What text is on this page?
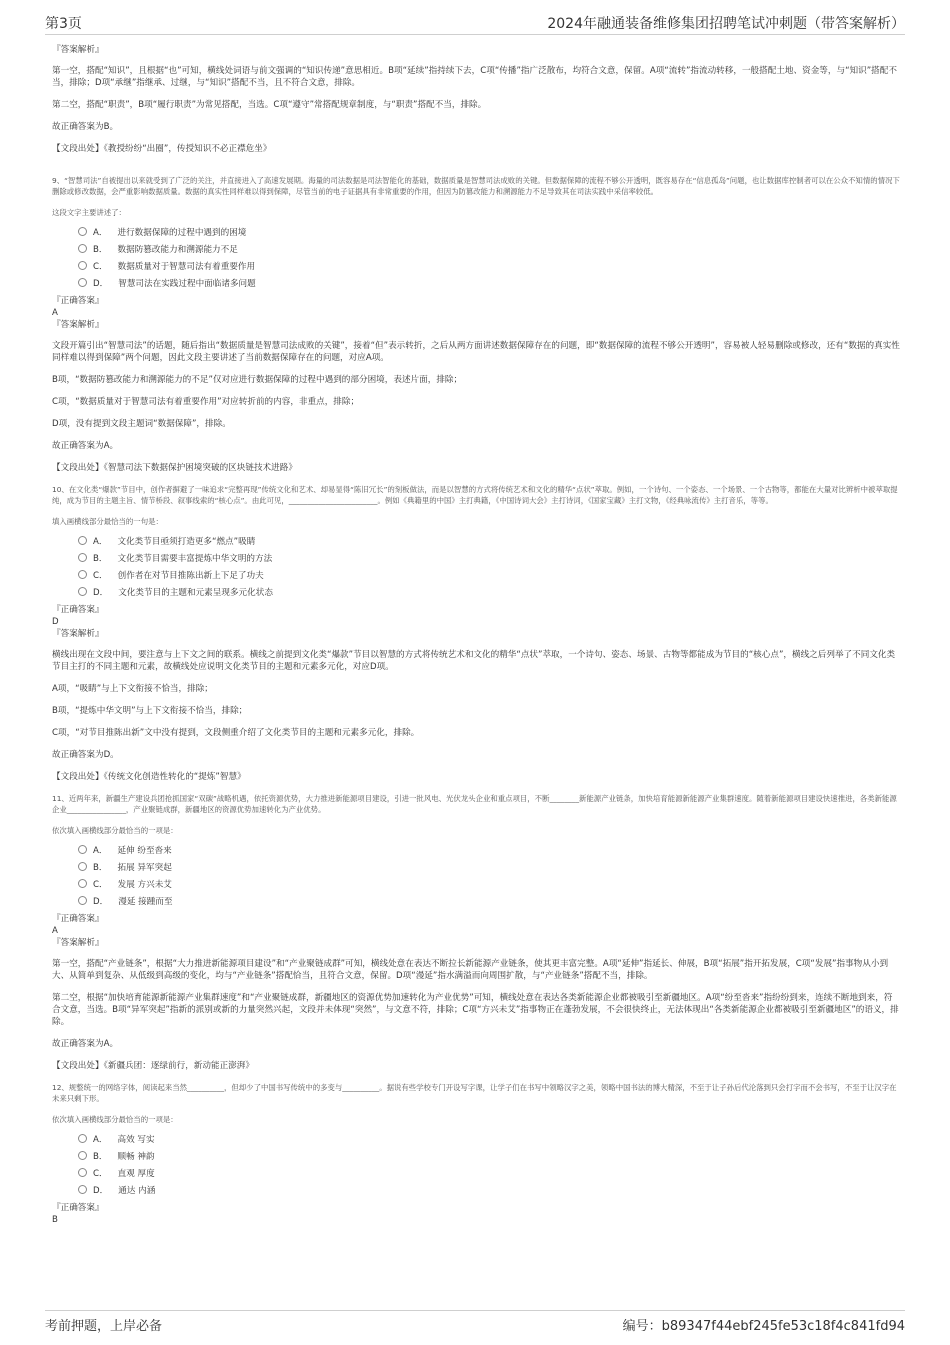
第3页	2024年融通装备维修集团招聘笔试冲刺题（带答案解析）
『答案解析』
第一空，搭配“知识”，且根据“也”可知，横线处词语与前文强调的“知识传递”意思相近。B项“延续”指持续下去，C项“传播”指广泛散布，均符合文意，保留。A项“流转”指流动转移，一般搭配土地、资金等，与“知识”搭配不当，排除；D项“承继”指继承、过继，与“知识”搭配不当，且不符合文意，排除。
第二空，搭配“职责”，B项“履行职责”为常见搭配，当选。C项“遵守”常搭配规章制度，与“职责”搭配不当，排除。
故正确答案为B。
【文段出处】《教授纷纷“出圈”，传授知识不必正襟危坐》
9、“智慧司法”自被提出以来就受到了广泛的关注，并直接进入了高速发展期。海量的司法数据是司法智能化的基础，数据质量是智慧司法成败的关键。但数据保障的流程不够公开透明，既容易存在“信息孤岛”问题，也让数据库控制者可以在公众不知情的情况下删除或修改数据，会严重影响数据质量。数据的真实性同样难以得到保障，尽管当前的电子证据具有非常重要的作用，但因为防篡改能力和溯源能力不足导致其在司法实践中采信率较低。
这段文字主要讲述了：
A． 进行数据保障的过程中遇到的困境
B． 数据防篡改能力和溯源能力不足
C． 数据质量对于智慧司法有着重要作用
D． 智慧司法在实践过程中面临诸多问题
『正确答案』
A
『答案解析』
文段开篇引出“智慧司法”的话题，随后指出“数据质量是智慧司法成败的关键”，接着“但”表示转折，之后从两方面讲述数据保障存在的问题，即“数据保障的流程不够公开透明”，容易被人轻易删除或修改，还有“数据的真实性同样难以得到保障”两个问题，因此文段主要讲述了当前数据保障存在的问题，对应A项。
B项，“数据防篡改能力和溯源能力的不足”仅对应进行数据保障的过程中遇到的部分困境，表述片面，排除；
C项，“数据质量对于智慧司法有着重要作用”对应转折前的内容，非重点，排除；
D项，没有提到文段主题词“数据保障”，排除。
故正确答案为A。
【文段出处】《智慧司法下数据保护困境突破的区块链技术进路》
10、在文化类“爆款”节目中，创作者摒避了一味追求“完整再现”传统文化和艺术、却易显得“陈旧冗长”的刻板做法，而是以智慧的方式将传统艺术和文化的精华“点状”萃取。例如，一个诗句、一个姿态、一个场景、一个古物等，都能在大量对比辨析中被萃取提纯，成为节目的主题主旨、情节桥段、叙事线索的“核心点”。由此可见，________________________。例如《典籍里的中国》主打典籍，《中国诗词大会》主打诗词，《国家宝藏》主打文物，《经典咏流传》主打音乐，等等。
填入画横线部分最恰当的一句是：
A． 文化类节目亟须打造更多“燃点”吸睛
B． 文化类节目需要丰富提炼中华文明的方法
C． 创作者在对节目推陈出新上下足了功夫
D． 文化类节目的主题和元素呈现多元化状态
『正确答案』
D
『答案解析』
横线出现在文段中间，要注意与上下文之间的联系。横线之前提到文化类“爆款”节目以智慧的方式将传统艺术和文化的精华“点状”萃取，一个诗句、姿态、场景、古物等都能成为节目的“核心点”，横线之后列举了不同文化类节目主打的不同主题和元素，故横线处应说明文化类节目的主题和元素多元化，对应D项。
A项，“吸睛”与上下文衔接不恰当，排除；
B项，“提炼中华文明”与上下文衔接不恰当，排除；
C项，“对节目推陈出新”文中没有提到，文段侧重介绍了文化类节目的主题和元素多元化，排除。
故正确答案为D。
【文段出处】《传统文化创造性转化的“提炼”智慧》
11、近两年来，新疆生产建设兵团抢抓国家“双碳”战略机遇，依托资源优势，大力推进新能源项目建设，引进一批风电、光伏龙头企业和重点项目，不断________新能源产业链条，加快培育能源新能源产业集群速度。随着新能源项目建设快速推进，各类新能源企业________________，产业聚链成群，新疆地区的资源优势加速转化为产业优势。
依次填入画横线部分最恰当的一项是：
A． 延伸 纷至沓来
B． 拓展 异军突起
C． 发展 方兴未艾
D． 漫延 接踵而至
『正确答案』
A
『答案解析』
第一空，搭配“产业链条”，根据“大力推进新能源项目建设”和“产业聚链成群”可知，横线处意在表达不断拉长新能源产业链条，使其更丰富完整。A项“延伸”指延长、伸展，B项“拓展”指开拓发展，C项“发展”指事物从小到大、从简单到复杂、从低级到高级的变化，均与“产业链条”搭配恰当，且符合文意，保留。D项“漫延”指水满溢而向周围扩散，与“产业链条”搭配不当，排除。
第二空，根据“加快培育能源新能源产业集群速度”和“产业聚链成群，新疆地区的资源优势加速转化为产业优势”可知，横线处意在表达各类新能源企业都被吸引至新疆地区。A项“纷至沓来”指纷纷到来，连续不断地到来，符合文意，当选。B项“异军突起”指新的派别或新的力量突然兴起，文段并未体现“突然”，与文意不符，排除；C项“方兴未艾”指事物正在蓬勃发展，不会很快终止，无法体现出“各类新能源企业都被吸引至新疆地区”的语义，排除。
故正确答案为A。
【文段出处】《新疆兵团：逐绿前行，新动能正澎湃》
12、规整统一的网络字体，阅读起来当然__________，但却少了中国书写传统中的多变与__________。据说有些学校专门开设写字课，让学子们在书写中领略汉字之美，领略中国书法的博大精深，不至于让子孙后代沦落到只会打字而不会书写，不至于让汉字在未来只剩下形。
依次填入画横线部分最恰当的一项是：
A． 高效 写实
B． 顺畅 神韵
C． 直观 厚度
D． 通达 内涵
『正确答案』
B
考前押题，上岸必备	编号：b89347f44ebf245fe53c18f4c841fd94
